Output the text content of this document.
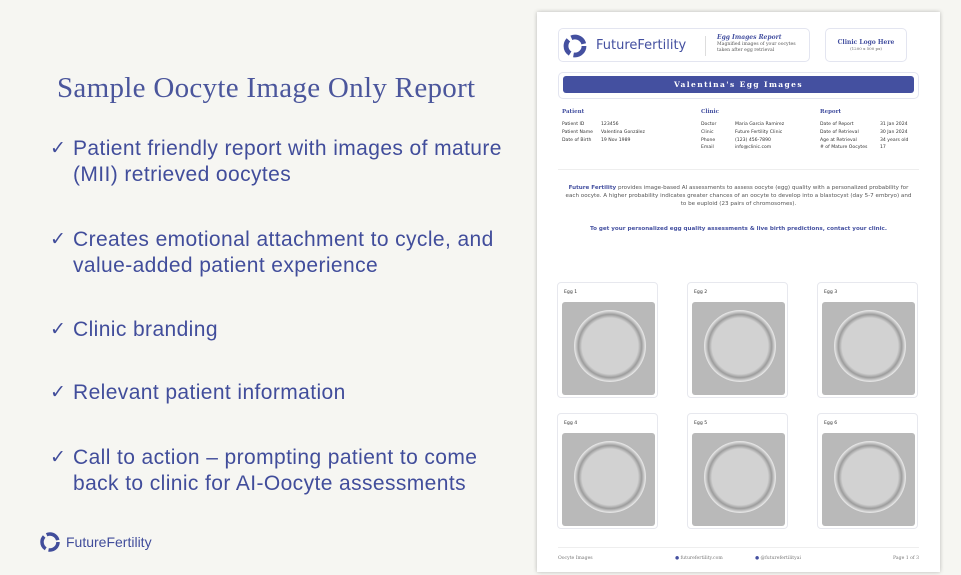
Sample Oocyte Image Only Report
✓ Patient friendly report with images of mature (MII) retrieved oocytes
✓ Creates emotional attachment to cycle, and value-added patient experience
✓ Clinic branding
✓ Relevant patient information
✓ Call to action – prompting patient to come back to clinic for AI-Oocyte assessments
FutureFertility
FutureFertility
Egg Images Report
Magnified images of your oocytes taken after egg retrieval
Clinic Logo Here
(1200 x 500 px)
Valentina's Egg Images
Patient	Clinic	Report
Patient ID	123456
Patient Name Valentina González
Date of Birth 19 Nov 1989
Doctor	Maria Garcia Ramirez
Clinic	Future Fertility Clinic
Phone	(123) 456-7890
Email	info@clinic.com
Date of Report	31 Jan 2024
Date of Retrieval	30 Jan 2024
Age at Retrieval	34 years old
# of Mature Oocytes	17
Future Fertility provides image-based AI assessments to assess oocyte (egg) quality with a personalized probability for each oocyte. A higher probability indicates greater chances of an oocyte to develop into a blastocyst (day 5-7 embryo) and to be euploid (23 pairs of chromosomes).
To get your personalized egg quality assessments & live birth predictions, contact your clinic.
Egg 1	Egg 2	Egg 3
Egg 4	Egg 5	Egg 6
Oocyte Images	● futurefertility.com	● @futurefertilityai	Page 1 of 3
